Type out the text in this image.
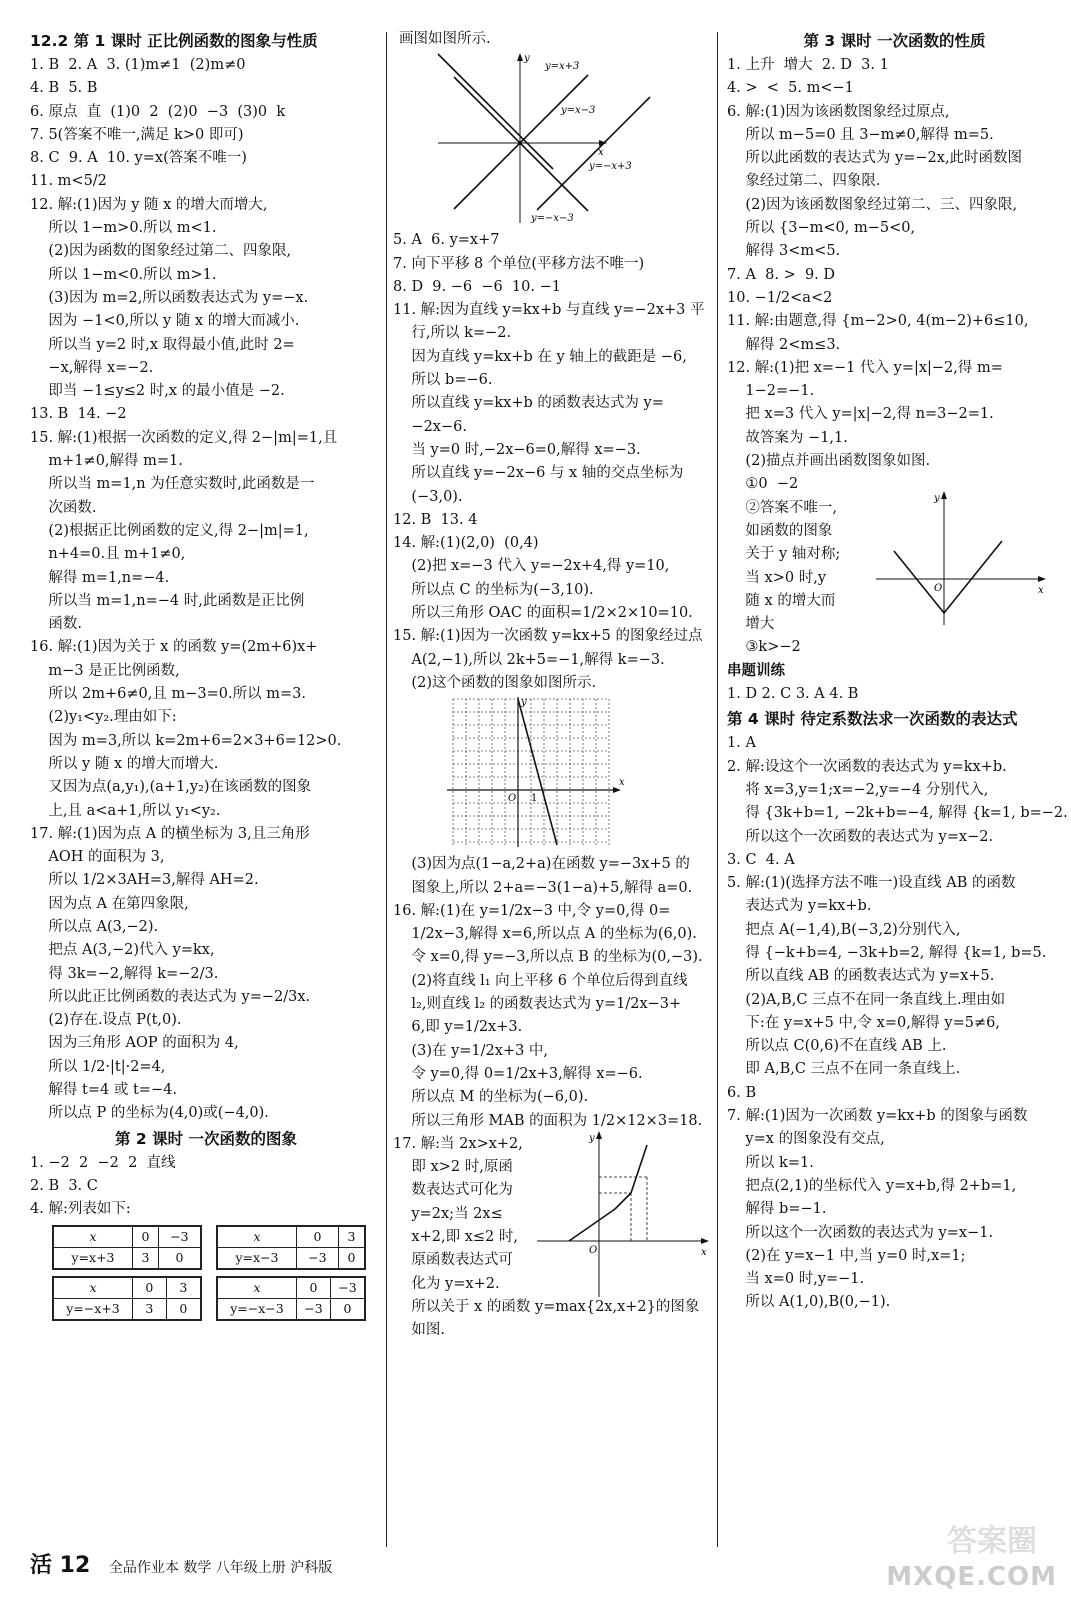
12.2 第 1 课时 正比例函数的图象与性质
1. B  2. A  3. (1)m≠1  (2)m≠0
4. B  5. B
6. 原点  直  (1)0  2  (2)0  −3  (3)0  k
7. 5(答案不唯一,满足 k>0 即可)
8. C  9. A  10. y=x(答案不唯一)
11. m<5/2
12. 解:(1)因为 y 随 x 的增大而增大,
所以 1−m>0.所以 m<1.
(2)因为函数的图象经过第二、四象限,
所以 1−m<0.所以 m>1.
(3)因为 m=2,所以函数表达式为 y=−x.
因为 −1<0,所以 y 随 x 的增大而减小.
所以当 y=2 时,x 取得最小值,此时 2=
−x,解得 x=−2.
即当 −1≤y≤2 时,x 的最小值是 −2.
13. B  14. −2
15. 解:(1)根据一次函数的定义,得 2−|m|=1,且
m+1≠0,解得 m=1.
所以当 m=1,n 为任意实数时,此函数是一
次函数.
(2)根据正比例函数的定义,得 2−|m|=1,
n+4=0.且 m+1≠0,
解得 m=1,n=−4.
所以当 m=1,n=−4 时,此函数是正比例
函数.
16. 解:(1)因为关于 x 的函数 y=(2m+6)x+
m−3 是正比例函数,
所以 2m+6≠0,且 m−3=0.所以 m=3.
(2)y₁<y₂.理由如下:
因为 m=3,所以 k=2m+6=2×3+6=12>0.
所以 y 随 x 的增大而增大.
又因为点(a,y₁),(a+1,y₂)在该函数的图象
上,且 a<a+1,所以 y₁<y₂.
17. 解:(1)因为点 A 的横坐标为 3,且三角形
AOH 的面积为 3,
所以 1/2×3AH=3,解得 AH=2.
因为点 A 在第四象限,
所以点 A(3,−2).
把点 A(3,−2)代入 y=kx,
得 3k=−2,解得 k=−2/3.
所以此正比例函数的表达式为 y=−2/3x.
(2)存在.设点 P(t,0).
因为三角形 AOP 的面积为 4,
所以 1/2·|t|·2=4,
解得 t=4 或 t=−4.
所以点 P 的坐标为(4,0)或(−4,0).
第 2 课时 一次函数的图象
1. −2  2  −2  2  直线
2. B  3. C
4. 解:列表如下:
x	0	−3
y=x+3	3	0
x	0	3
y=x−3	−3	0
x	0	3
y=−x+3	3	0
x	0	−3
y=−x−3	−3	0
画图如图所示.
y=x+3
y=x−3
y=−x+3
y=−x−3
x
y
5. A  6. y=x+7
7. 向下平移 8 个单位(平移方法不唯一)
8. D  9. −6  −6  10. −1
11. 解:因为直线 y=kx+b 与直线 y=−2x+3 平
行,所以 k=−2.
因为直线 y=kx+b 在 y 轴上的截距是 −6,
所以 b=−6.
所以直线 y=kx+b 的函数表达式为 y=
−2x−6.
当 y=0 时,−2x−6=0,解得 x=−3.
所以直线 y=−2x−6 与 x 轴的交点坐标为
(−3,0).
12. B  13. 4
14. 解:(1)(2,0)  (0,4)
(2)把 x=−3 代入 y=−2x+4,得 y=10,
所以点 C 的坐标为(−3,10).
所以三角形 OAC 的面积=1/2×2×10=10.
15. 解:(1)因为一次函数 y=kx+5 的图象经过点
A(2,−1),所以 2k+5=−1,解得 k=−3.
(2)这个函数的图象如图所示.
O 1
x
y
(3)因为点(1−a,2+a)在函数 y=−3x+5 的
图象上,所以 2+a=−3(1−a)+5,解得 a=0.
16. 解:(1)在 y=1/2x−3 中,令 y=0,得 0=
1/2x−3,解得 x=6,所以点 A 的坐标为(6,0).
令 x=0,得 y=−3,所以点 B 的坐标为(0,−3).
(2)将直线 l₁ 向上平移 6 个单位后得到直线
l₂,则直线 l₂ 的函数表达式为 y=1/2x−3+
6,即 y=1/2x+3.
(3)在 y=1/2x+3 中,
令 y=0,得 0=1/2x+3,解得 x=−6.
所以点 M 的坐标为(−6,0).
所以三角形 MAB 的面积为 1/2×12×3=18.
17. 解:当 2x>x+2,
即 x>2 时,原函
数表达式可化为
y=2x;当 2x≤
x+2,即 x≤2 时,
原函数表达式可
化为 y=x+2.
所以关于 x 的函数 y=max{2x,x+2}的图象
如图.
O	x
y
第 3 课时 一次函数的性质
1. 上升  增大  2. D  3. 1
4. >  <  5. m<−1
6. 解:(1)因为该函数图象经过原点,
所以 m−5=0 且 3−m≠0,解得 m=5.
所以此函数的表达式为 y=−2x,此时函数图
象经过第二、四象限.
(2)因为该函数图象经过第二、三、四象限,
所以 {3−m<0, m−5<0,
解得 3<m<5.
7. A  8. >  9. D
10. −1/2<a<2
11. 解:由题意,得 {m−2>0, 4(m−2)+6≤10,
解得 2<m≤3.
12. 解:(1)把 x=−1 代入 y=|x|−2,得 m=
1−2=−1.
把 x=3 代入 y=|x|−2,得 n=3−2=1.
故答案为 −1,1.
(2)描点并画出函数图象如图.
①0  −2
②答案不唯一,
如函数的图象
关于 y 轴对称;
当 x>0 时,y
随 x 的增大而
增大
③k>−2
O	x
y
串题训练
1. D 2. C 3. A 4. B
第 4 课时 待定系数法求一次函数的表达式
1. A
2. 解:设这个一次函数的表达式为 y=kx+b.
将 x=3,y=1;x=−2,y=−4 分别代入,
得 {3k+b=1, −2k+b=−4, 解得 {k=1, b=−2.
所以这个一次函数的表达式为 y=x−2.
3. C  4. A
5. 解:(1)(选择方法不唯一)设直线 AB 的函数
表达式为 y=kx+b.
把点 A(−1,4),B(−3,2)分别代入,
得 {−k+b=4, −3k+b=2, 解得 {k=1, b=5.
所以直线 AB 的函数表达式为 y=x+5.
(2)A,B,C 三点不在同一条直线上.理由如
下:在 y=x+5 中,令 x=0,解得 y=5≠6,
所以点 C(0,6)不在直线 AB 上.
即 A,B,C 三点不在同一条直线上.
6. B
7. 解:(1)因为一次函数 y=kx+b 的图象与函数
y=x 的图象没有交点,
所以 k=1.
把点(2,1)的坐标代入 y=x+b,得 2+b=1,
解得 b=−1.
所以这个一次函数的表达式为 y=x−1.
(2)在 y=x−1 中,当 y=0 时,x=1;
当 x=0 时,y=−1.
所以 A(1,0),B(0,−1).
活 12 全品作业本 数学 八年级上册 沪科版
答案圈
MXQE.COM
